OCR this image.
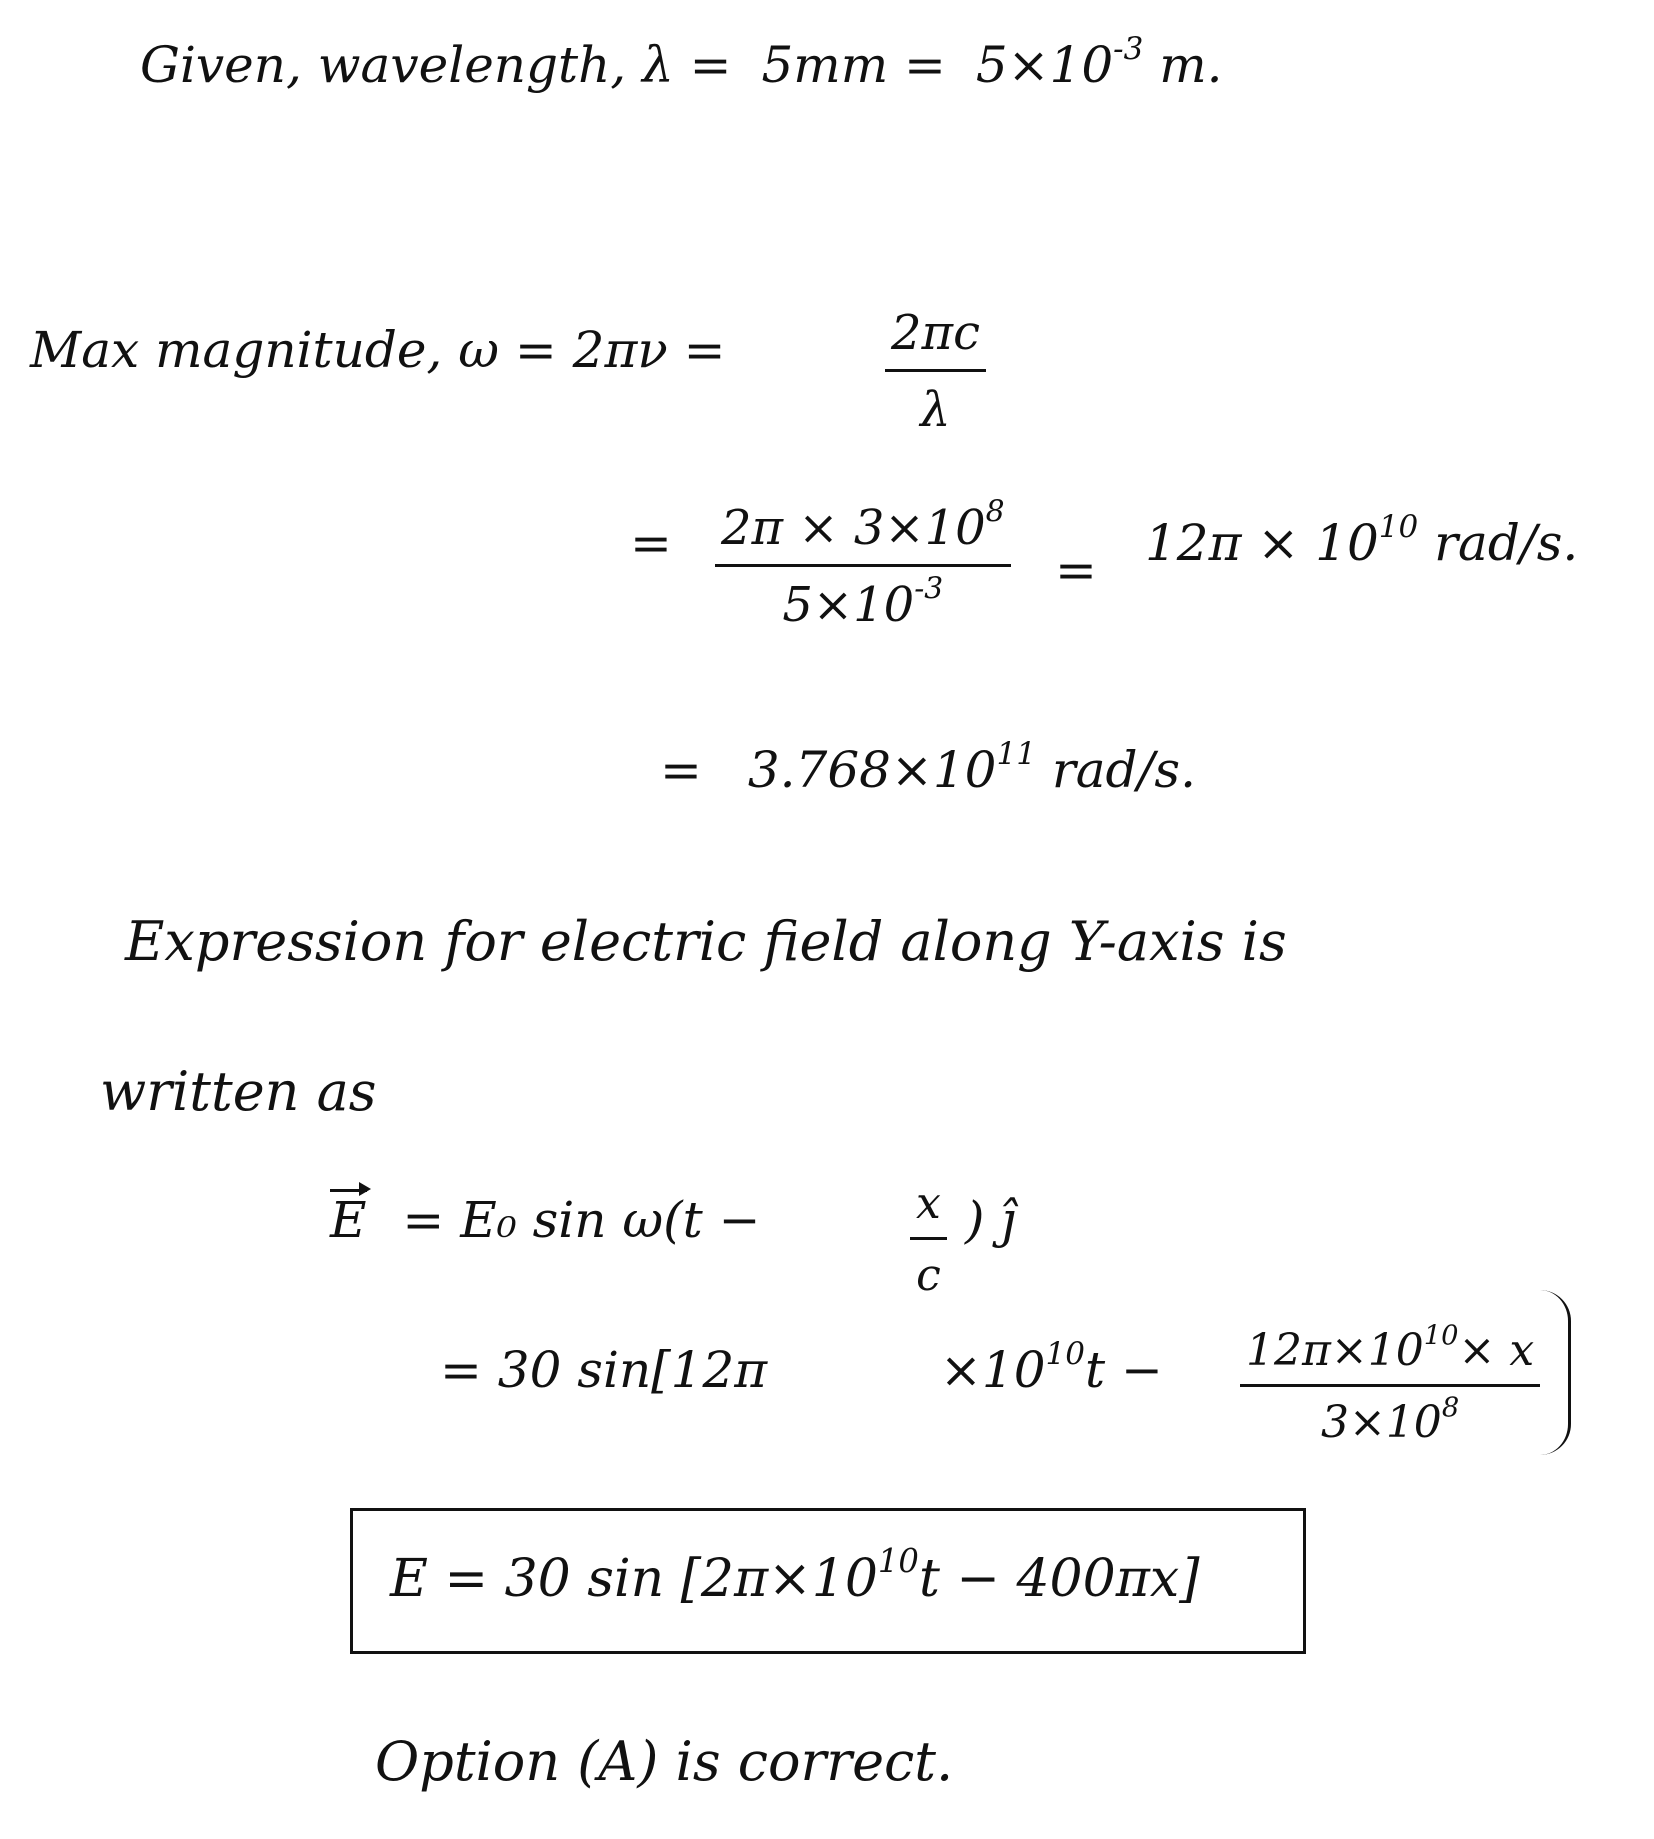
Given, wavelength, $\lambda = 5mm = 5\times 10^{-3}$ m.
Max magnitude, ω = 2πν =	$\frac{2\pi c}{\lambda}$
= $\frac{2\pi \times 3\times 10^8}{5\times 10^{-3}} = 12\pi \times 10^{10}$ rad/s.
= $3.768\times 10^{11}$ rad/s.
Expression for electric field along Y-axis is
written as
E = E₀ sin ω(t −	$\frac{x}{c}$ ) ĵ
= 30 sin[12π	$\times 10^{10}t - \frac{12\pi\times 10^{10}\times x}{3\times 10^8}$
E = 30 $\sin [2\pi\times 10^{10}t - 400\pi x]$
Option (A) is correct.
